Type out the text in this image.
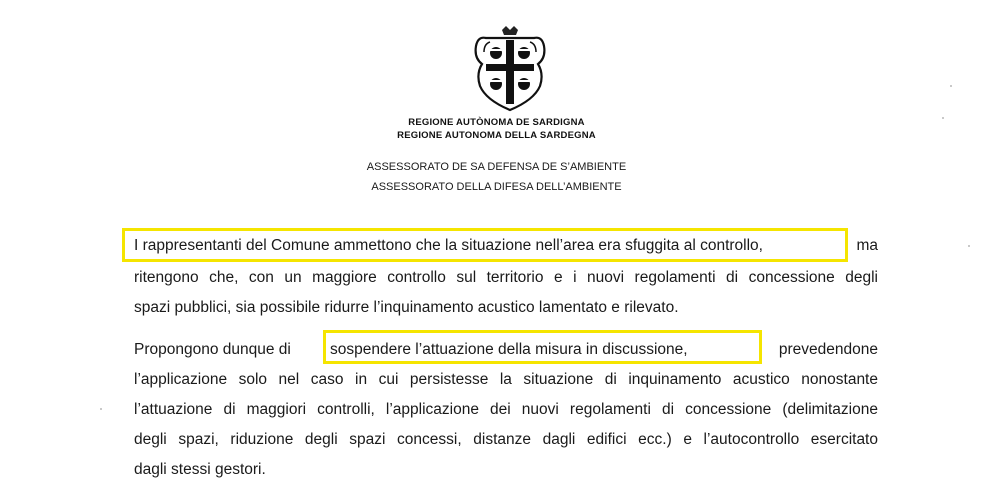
REGIONE AUTÒNOMA DE SARDIGNA
REGIONE AUTONOMA DELLA SARDEGNA
ASSESSORATO DE SA DEFENSA DE S’AMBIENTE
ASSESSORATO DELLA DIFESA DELL’AMBIENTE
I rappresentanti del Comune ammettono che la situazione nell’area era sfuggita al controllo,	ma
ritengono che, con un maggiore controllo sul territorio e i nuovi regolamenti di concessione degli
spazi pubblici, sia possibile ridurre l’inquinamento acustico lamentato e rilevato.
Propongono dunque di	sospendere l’attuazione della misura in discussione,	prevedendone
l’applicazione solo nel caso in cui persistesse la situazione di inquinamento acustico nonostante
l’attuazione di maggiori controlli, l’applicazione dei nuovi regolamenti di concessione (delimitazione
degli spazi, riduzione degli spazi concessi, distanze dagli edifici ecc.) e l’autocontrollo esercitato
dagli stessi gestori.
